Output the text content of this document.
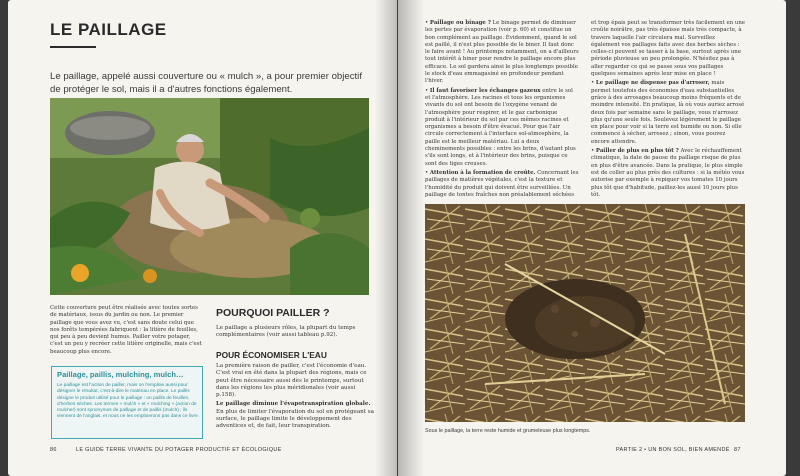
LE PAILLAGE

Le paillage, appelé aussi couverture ou « mulch », a pour premier objectif de protéger le sol, mais il a d'autres fonctions également.

Cette couverture peut être réalisée avec toutes sortes de matériaux, issus du jardin ou non. Le premier paillage que vous avez vu, c'est sans doute celui que nos forêts tempérées fabriquent : la litière de feuilles, qui peu à peu devient humus. Pailler votre potager, c'est un peu y recréer cette litière originelle, mais c'est beaucoup plus encore.

Paillage, paillis, mulching, mulch…

Le paillage est l'action de pailler, mais on l'emploie aussi pour désigner le résultat, c'est-à-dire le matériau en place. Le paillis désigne le produit utilisé pour le paillage : un paillis de feuilles, d'herbes sèches. Les termes « mulch » et « mulching » (action de mulcher) sont synonymes de paillage et de paillis (mulch) ; ils viennent de l'anglais, et nous ne les emploierons pas dans ce livre.

POURQUOI PAILLER ?

Le paillage a plusieurs rôles, la plupart du temps complémentaires (voir aussi tableau p.92).

POUR ÉCONOMISER L'EAU

La première raison de pailler, c'est l'économie d'eau. C'est vrai en été dans la plupart des régions, mais ce peut être nécessaire aussi dès le printemps, surtout dans les régions les plus méridionales (voir aussi p.158).

Le paillage diminue l'évapotranspiration globale. En plus de limiter l'évaporation du sol en protégeant sa surface, le paillage limite le développement des adventices et, de fait, leur transpiration.

86	LE GUIDE TERRE VIVANTE DU POTAGER PRODUCTIF ET ÉCOLOGIQUE

• Paillage ou binage ? Le binage permet de diminuer les pertes par évaporation (voir p. 60) et constitue un bon complément au paillage. Évidemment, quand le sol est paillé, il n'est plus possible de le biner. Il faut donc le faire avant ! Au printemps notamment, on a d'ailleurs tout intérêt à biner pour rendre le paillage encore plus efficace. Le sol gardera ainsi le plus longtemps possible le stock d'eau emmagasiné en profondeur pendant l'hiver.

• Il faut favoriser les échanges gazeux entre le sol et l'atmosphère. Les racines et tous les organismes vivants du sol ont besoin de l'oxygène venant de l'atmosphère pour respirer, et le gaz carbonique produit à l'intérieur du sol par ces mêmes racines et organismes a besoin d'être évacué. Pour que l'air circule correctement à l'interface sol-atmosphère, la paille est le meilleur matériau. Lui a deux cheminements possibles : entre les brins, d'autant plus s'ils sont longs, et à l'intérieur des brins, puisque ce sont des tiges creuses.

• Attention à la formation de croûte. Concernant les paillages de matières végétales, c'est la texture et l'humidité du produit qui doivent être surveillées. Un paillage de tontes fraîches non préalablement séchées

et trop épais peut se transformer très facilement en une croûte noirâtre, pas très épaisse mais très compacte, à travers laquelle l'air circulera mal. Surveillez également vos paillages faits avec des herbes sèches : celles-ci peuvent se tasser à la base, surtout après une période pluvieuse un peu prolongée. N'hésitez pas à aller regarder ce qui se passe sous vos paillages quelques semaines après leur mise en place !

• Le paillage ne dispense pas d'arroser, mais permet toutefois des économies d'eau substantielles grâce à des arrosages beaucoup moins fréquents et de moindre intensité. En pratique, là où vous auriez arrosé deux fois par semaine sans le paillage, vous n'arrosez plus qu'une seule fois. Soulevez légèrement le paillage en place pour voir si la terre est humide ou non. Si elle commence à sécher, arrosez ; sinon, vous pouvez encore attendre.

• Pailler de plus en plus tôt ? Avec le réchauffement climatique, la date de pause du paillage risque de plus en plus d'être avancée. Dans la pratique, le plus simple est de coller au plus près des cultures : si la météo vous autorise par exemple à repiquer vos tomates 10 jours plus tôt que d'habitude, paillez-les aussi 10 jours plus tôt.

Sous le paillage, la terre reste humide et grumeleuse plus longtemps.

PARTIE 2 • UN BON SOL, BIEN AMENDÉ 87
